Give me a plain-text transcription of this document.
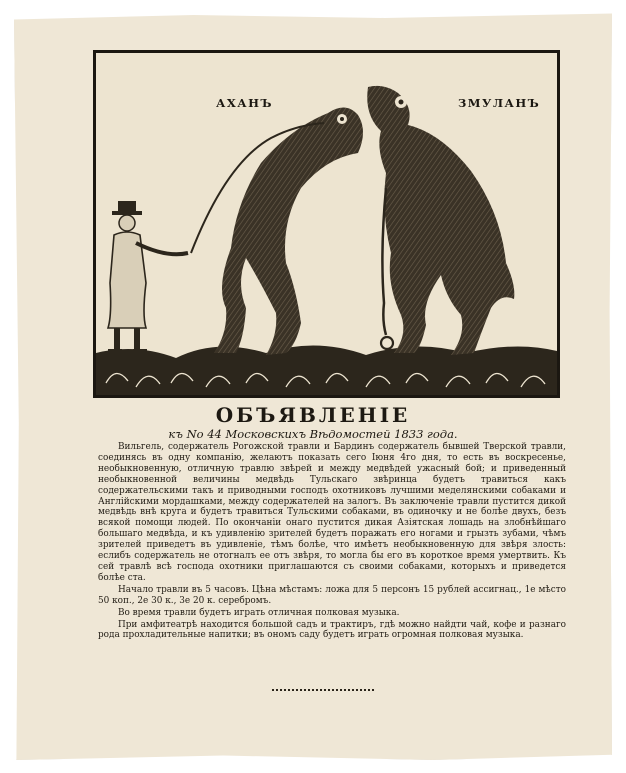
АХАНЪ	ЗМУЛАНЪ
ОБЪЯВЛЕНIЕ
къ No 44 Московскихъ Вѣдомостей 1833 года.

Вильгель, содержатель Рогожской травли и Бардинъ содержатель бывшей Тверской травли, соединясь въ одну компанiю, желаютъ показать сего Iюня 4го дня, то есть въ воскресенье, необыкновенную, отличную травлю звѣрей и между медвѣдей ужасный бой; и приведенный необыкновенной величины медвѣдь Тульскаго звѣринца будетъ травиться какъ содержательскими такъ и приводными господъ охотниковъ лучшими меделянскими собаками и Англiйскими мордашками, между содержателей на залогъ. Въ заключенiе травли пустится дикой медвѣдь внѣ круга и будетъ травиться Тульскими собаками, въ одиночку и не болѣе двухъ, безъ всякой помощи людей. По окончанiи онаго пустится дикая Азiятская лошадь на злобнѣйшаго большаго медвѣда, и къ удивленiю зрителей будетъ поражать его ногами и грызть зубами, чѣмъ зрителей приведетъ въ удивленiе, тѣмъ болѣе, что имѣетъ необыкновенную для звѣря злость: еслибъ содержатель не отогналъ ее отъ звѣря, то могла бы его въ короткое время умертвить. Къ сей травлѣ всѣ господа охотники приглашаются съ своими собаками, которыхъ и приведется болѣе ста.

Начало травли въ 5 часовъ. Цѣна мѣстамъ: ложа для 5 персонъ 15 рублей ассигнац., 1е мѣсто 50 коп., 2е 30 к., 3е 20 к. серебромъ.

Во время травли будетъ играть отличная полковая музыка.

При амфитеатрѣ находится большой садъ и трактиръ, гдѣ можно найдти чай, кофе и разнаго рода прохладительные напитки; въ ономъ саду будетъ играть огромная полковая музыка.
